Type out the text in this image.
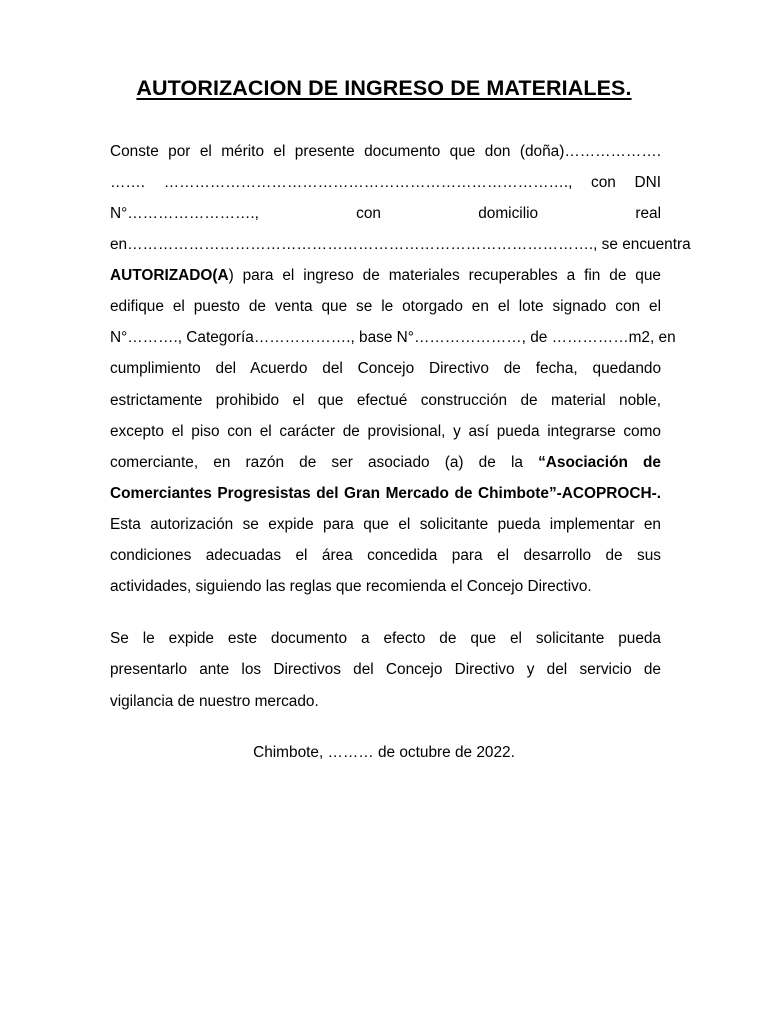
AUTORIZACION DE INGRESO DE MATERIALES.
Conste por el mérito el presente documento que don (doña)……………….
……. ……………………………………………………………………., con DNI
N°……………………., con domicilio real
en………………………………………………………………………………., se encuentra
AUTORIZADO(A) para el ingreso de materiales recuperables a fin de que
edifique el puesto de venta que se le otorgado en el lote signado con el
N°………., Categoría………………., base N°…………………, de ……………m2, en
cumplimiento del Acuerdo del Concejo Directivo de fecha, quedando
estrictamente prohibido el que efectué construcción de material noble,
excepto el piso con el carácter de provisional, y así pueda integrarse como
comerciante, en razón de ser asociado (a) de la “Asociación de
Comerciantes Progresistas del Gran Mercado de Chimbote”-ACOPROCH-.
Esta autorización se expide para que el solicitante pueda implementar en
condiciones adecuadas el área concedida para el desarrollo de sus
actividades, siguiendo las reglas que recomienda el Concejo Directivo.
Se le expide este documento a efecto de que el solicitante pueda
presentarlo ante los Directivos del Concejo Directivo y del servicio de
vigilancia de nuestro mercado.
Chimbote, ……… de octubre de 2022.
